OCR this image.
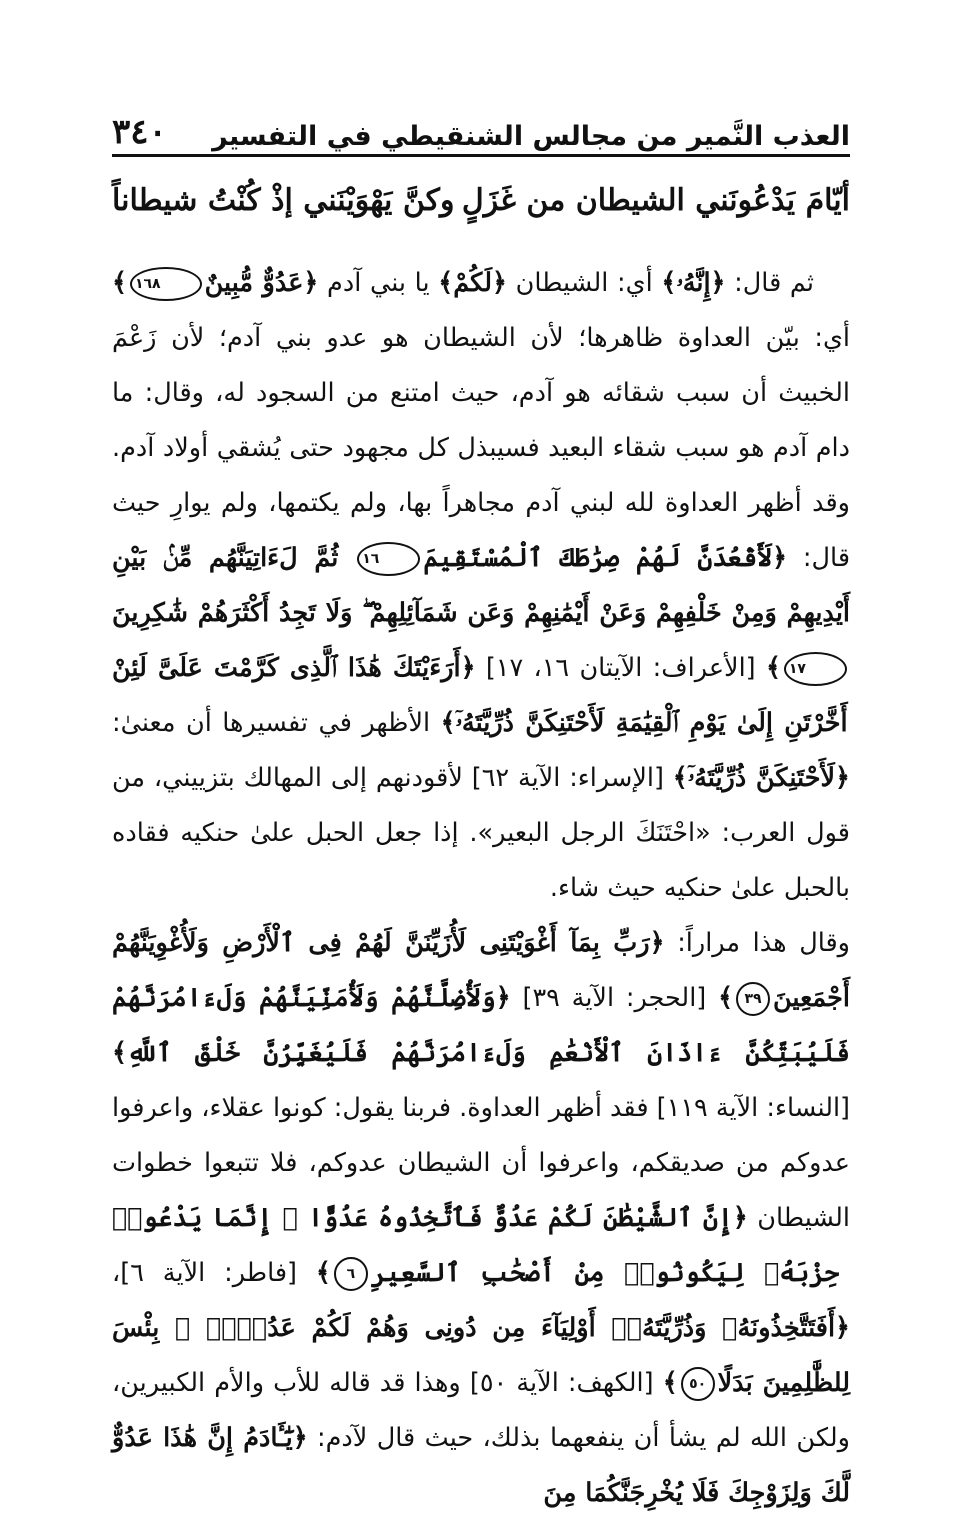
العذب النَّمير من مجالس الشنقيطي في التفسير
٣٤٠
أيّامَ يَدْعُونَني الشيطان من غَزَلٍ
وكنَّ يَهْوَيْنَني إذْ كُنْتُ شيطاناً

ثم قال: ﴿إِنَّهُۥ﴾ أي: الشيطان ﴿لَكُمْ﴾ يا بني آدم ﴿عَدُوٌّ مُّبِينٌ١٦٨﴾ أي: بيّن العداوة ظاهرها؛ لأن الشيطان هو عدو بني آدم؛ لأن زَعْمَ الخبيث أن سبب شقائه هو آدم، حيث امتنع من السجود له، وقال: ما دام آدم هو سبب شقاء البعيد فسيبذل كل مجهود حتى يُشقي أولاد آدم. وقد أظهر العداوة لله لبني آدم مجاهراً بها، ولم يكتمها، ولم يوارِ حيث قال: ﴿لَأَقْعُدَنَّ لَهُمْ صِرَٰطَكَ ٱلْمُسْتَقِيمَ١٦ ثُمَّ لَءَاتِيَنَّهُم مِّنۢ بَيْنِ أَيْدِيهِمْ وَمِنْ خَلْفِهِمْ وَعَنْ أَيْمَٰنِهِمْ وَعَن شَمَآئِلِهِمْ ۖ وَلَا تَجِدُ أَكْثَرَهُمْ شَٰكِرِينَ١٧﴾ [الأعراف: الآيتان ١٦، ١٧] ﴿أَرَءَيْتَكَ هَٰذَا ٱلَّذِى كَرَّمْتَ عَلَىَّ لَئِنْ أَخَّرْتَنِ إِلَىٰ يَوْمِ ٱلْقِيَٰمَةِ لَأَحْتَنِكَنَّ ذُرِّيَّتَهُۥٓ﴾ الأظهر في تفسيرها أن معنىٰ: ﴿لَأَحْتَنِكَنَّ ذُرِّيَّتَهُۥٓ﴾ [الإسراء: الآية ٦٢] لأقودنهم إلى المهالك بتزييني، من قول العرب: «احْتَنَكَ الرجل البعير». إذا جعل الحبل علىٰ حنكيه فقاده بالحبل علىٰ حنكيه حيث شاء.

وقال هذا مراراً: ﴿رَبِّ بِمَآ أَغْوَيْتَنِى لَأُزَيِّنَنَّ لَهُمْ فِى ٱلْأَرْضِ وَلَأُغْوِيَنَّهُمْ أَجْمَعِينَ٣٩﴾ [الحجر: الآية ٣٩] ﴿وَلَأُضِلَّنَّهُمْ وَلَأُمَنِّيَنَّهُمْ وَلَءَامُرَنَّهُمْ فَلَيُبَتِّكُنَّ ءَاذَانَ ٱلْأَنْعَٰمِ وَلَءَامُرَنَّهُمْ فَلَيُغَيِّرُنَّ خَلْقَ ٱللَّهِ﴾ [النساء: الآية ١١٩] فقد أظهر العداوة. فربنا يقول: كونوا عقلاء، واعرفوا عدوكم من صديقكم، واعرفوا أن الشيطان عدوكم، فلا تتبعوا خطوات الشيطان ﴿إِنَّ ٱلشَّيْطَٰنَ لَكُمْ عَدُوٌّ فَٱتَّخِذُوهُ عَدُوًّا ۚ إِنَّمَا يَدْعُوا۟ حِزْبَهُۥ لِيَكُونُوا۟ مِنْ أَصْحَٰبِ ٱلسَّعِيرِ٦﴾ [فاطر: الآية ٦]، ﴿أَفَتَتَّخِذُونَهُۥ وَذُرِّيَّتَهُۥٓ أَوْلِيَآءَ مِن دُونِى وَهُمْ لَكُمْ عَدُوٌّۢ ۚ بِئْسَ لِلظَّٰلِمِينَ بَدَلًا٥٠﴾ [الكهف: الآية ٥٠] وهذا قد قاله للأب والأم الكبيرين، ولكن الله لم يشأ أن ينفعهما بذلك، حيث قال لآدم: ﴿يَٰٓـَٔادَمُ إِنَّ هَٰذَا عَدُوٌّ لَّكَ وَلِزَوْجِكَ فَلَا يُخْرِجَنَّكُمَا مِنَ
